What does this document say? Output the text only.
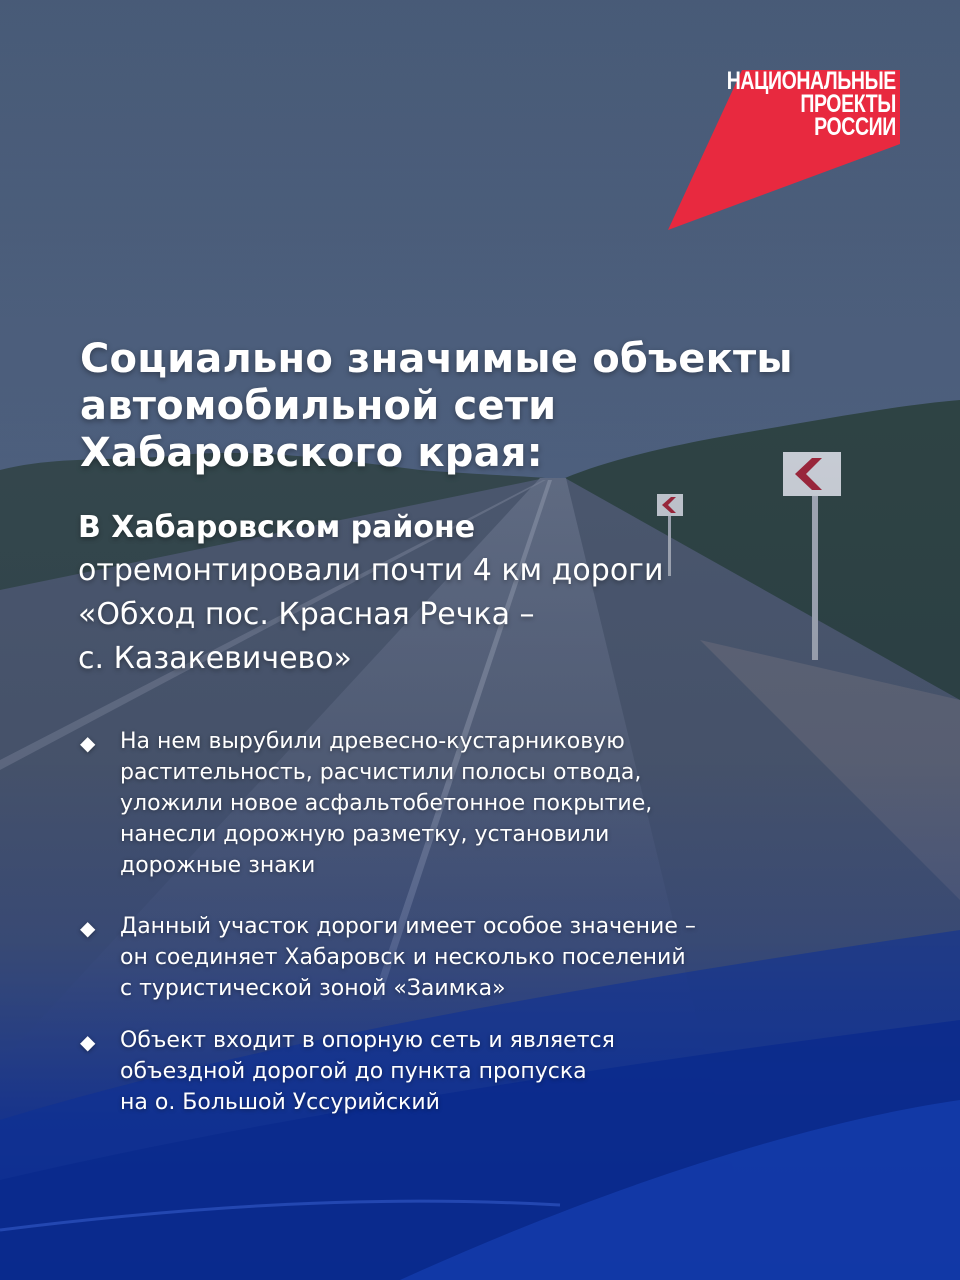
НАЦИОНАЛЬНЫЕ
ПРОЕКТЫ
РОССИИ
Социально значимые объекты
автомобильной сети
Хабаровского края:
В Хабаровском районе
отремонтировали почти 4 км дороги
«Обход пос. Красная Речка –
с. Казакевичево»
◆ На нем вырубили древесно-кустарниковую
растительность, расчистили полосы отвода,
уложили новое асфальтобетонное покрытие,
нанесли дорожную разметку, установили
дорожные знаки
◆ Данный участок дороги имеет особое значение –
он соединяет Хабаровск и несколько поселений
с туристической зоной «Заимка»
◆ Объект входит в опорную сеть и является
объездной дорогой до пункта пропуска
на о. Большой Уссурийский
